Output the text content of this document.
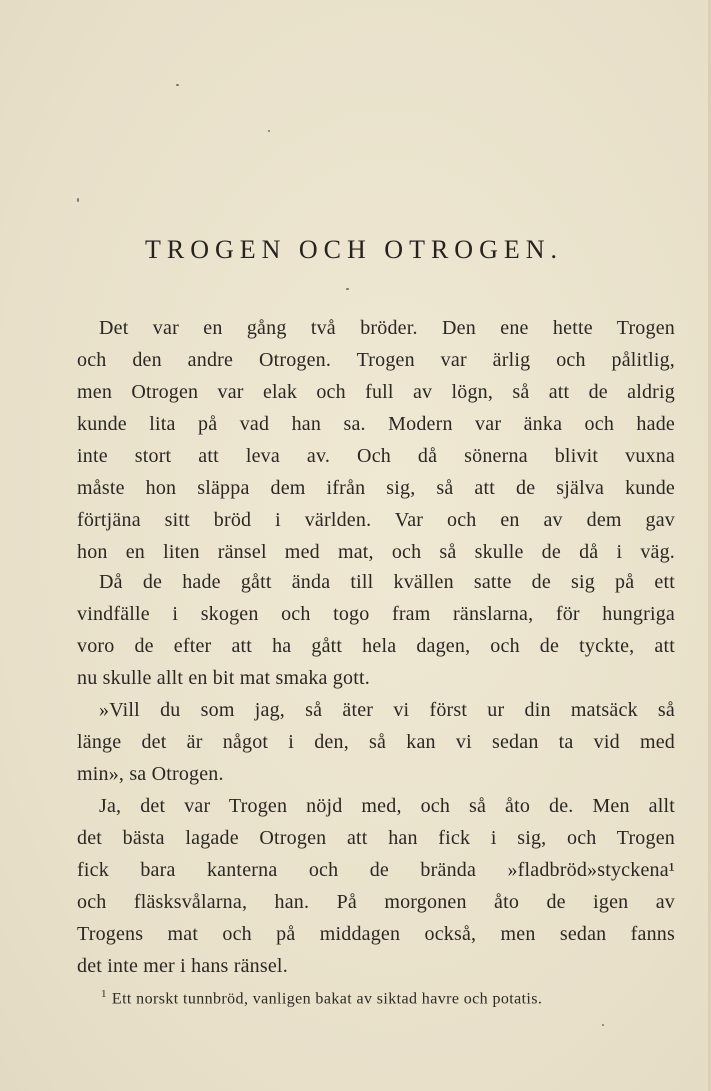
TROGEN OCH OTROGEN.
Det var en gång två bröder. Den ene hette Trogen
och den andre Otrogen. Trogen var ärlig och pålitlig,
men Otrogen var elak och full av lögn, så att de aldrig
kunde lita på vad han sa. Modern var änka och hade
inte stort att leva av. Och då sönerna blivit vuxna
måste hon släppa dem ifrån sig, så att de själva kunde
förtjäna sitt bröd i världen. Var och en av dem gav
hon en liten ränsel med mat, och så skulle de då i väg.
Då de hade gått ända till kvällen satte de sig på ett
vindfälle i skogen och togo fram ränslarna, för hungriga
voro de efter att ha gått hela dagen, och de tyckte, att
nu skulle allt en bit mat smaka gott.
»Vill du som jag, så äter vi först ur din matsäck så
länge det är något i den, så kan vi sedan ta vid med
min», sa Otrogen.
Ja, det var Trogen nöjd med, och så åto de. Men allt
det bästa lagade Otrogen att han fick i sig, och Trogen
fick bara kanterna och de brända »fladbröd»styckena¹
och fläsksvålarna, han. På morgonen åto de igen av
Trogens mat och på middagen också, men sedan fanns
det inte mer i hans ränsel.
$^1$ Ett norskt tunnbröd, vanligen bakat av siktad havre och potatis.
